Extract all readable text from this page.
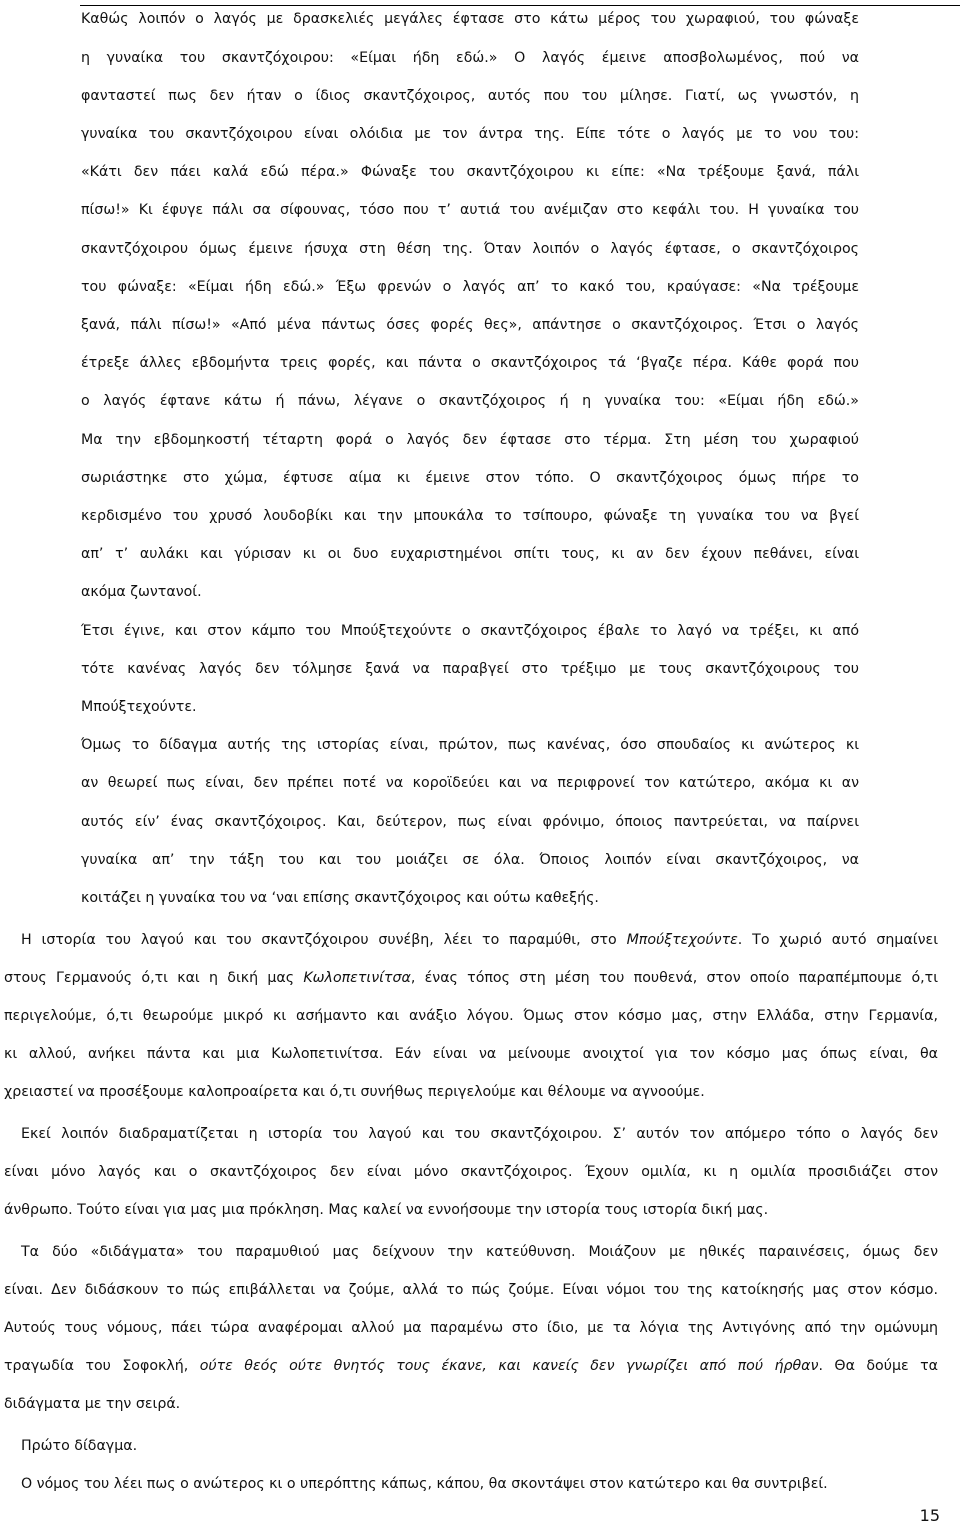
Καθώς λοιπόν ο λαγός με δρασκελιές μεγάλες έφτασε στο κάτω μέρος του χωραφιού, του φώναξε
η γυναίκα του σκαντζόχοιρου: «Είμαι ήδη εδώ.» Ο λαγός έμεινε αποσβολωμένος, πού να
φανταστεί πως δεν ήταν ο ίδιος σκαντζόχοιρος, αυτός που του μίλησε. Γιατί, ως γνωστόν, η
γυναίκα του σκαντζόχοιρου είναι ολόιδια με τον άντρα της. Είπε τότε ο λαγός με το νου του:
«Κάτι δεν πάει καλά εδώ πέρα.» Φώναξε του σκαντζόχοιρου κι είπε: «Να τρέξουμε ξανά, πάλι
πίσω!» Κι έφυγε πάλι σα σίφουνας, τόσο που τ’ αυτιά του ανέμιζαν στο κεφάλι του. Η γυναίκα του
σκαντζόχοιρου όμως έμεινε ήσυχα στη θέση της. Όταν λοιπόν ο λαγός έφτασε, ο σκαντζόχοιρος
του φώναξε: «Είμαι ήδη εδώ.» Έξω φρενών ο λαγός απ’ το κακό του, κραύγασε: «Να τρέξουμε
ξανά, πάλι πίσω!» «Από μένα πάντως όσες φορές θες», απάντησε ο σκαντζόχοιρος. Έτσι ο λαγός
έτρεξε άλλες εβδομήντα τρεις φορές, και πάντα ο σκαντζόχοιρος τά ‘βγαζε πέρα. Κάθε φορά που
ο λαγός έφτανε κάτω ή πάνω, λέγανε ο σκαντζόχοιρος ή η γυναίκα του: «Είμαι ήδη εδώ.»
Μα την εβδομηκοστή τέταρτη φορά ο λαγός δεν έφτασε στο τέρμα. Στη μέση του χωραφιού
σωριάστηκε στο χώμα, έφτυσε αίμα κι έμεινε στον τόπο. Ο σκαντζόχοιρος όμως πήρε το
κερδισμένο του χρυσό λουδοβίκι και την μπουκάλα το τσίπουρο, φώναξε τη γυναίκα του να βγεί
απ’ τ’ αυλάκι και γύρισαν κι οι δυο ευχαριστημένοι σπίτι τους, κι αν δεν έχουν πεθάνει, είναι
ακόμα ζωντανοί.
Έτσι έγινε, και στον κάμπο του Μπούξτεχούντε ο σκαντζόχοιρος έβαλε το λαγό να τρέξει, κι από
τότε κανένας λαγός δεν τόλμησε ξανά να παραβγεί στο τρέξιμο με τους σκαντζόχοιρους του
Μπούξτεχούντε.
Όμως το δίδαγμα αυτής της ιστορίας είναι, πρώτον, πως κανένας, όσο σπουδαίος κι ανώτερος κι
αν θεωρεί πως είναι, δεν πρέπει ποτέ να κοροϊδεύει και να περιφρονεί τον κατώτερο, ακόμα κι αν
αυτός είν’ ένας σκαντζόχοιρος. Και, δεύτερον, πως είναι φρόνιμο, όποιος παντρεύεται, να παίρνει
γυναίκα απ’ την τάξη του και του μοιάζει σε όλα. Όποιος λοιπόν είναι σκαντζόχοιρος, να
κοιτάζει η γυναίκα του να ‘ναι επίσης σκαντζόχοιρος και ούτω καθεξής.
Η ιστορία του λαγού και του σκαντζόχοιρου συνέβη, λέει το παραμύθι, στο Μπούξτεχούντε. Το χωριό αυτό σημαίνει
στους Γερμανούς ό,τι και η δική μας Κωλοπετινίτσα, ένας τόπος στη μέση του πουθενά, στον οποίο παραπέμπουμε ό,τι
περιγελούμε, ό,τι θεωρούμε μικρό κι ασήμαντο και ανάξιο λόγου. Όμως στον κόσμο μας, στην Ελλάδα, στην Γερμανία,
κι αλλού, ανήκει πάντα και μια Κωλοπετινίτσα. Εάν είναι να μείνουμε ανοιχτοί για τον κόσμο μας όπως είναι, θα
χρειαστεί να προσέξουμε καλοπροαίρετα και ό,τι συνήθως περιγελούμε και θέλουμε να αγνοούμε.
Εκεί λοιπόν διαδραματίζεται η ιστορία του λαγού και του σκαντζόχοιρου. Σ’ αυτόν τον απόμερο τόπο ο λαγός δεν
είναι μόνο λαγός και ο σκαντζόχοιρος δεν είναι μόνο σκαντζόχοιρος. Έχουν ομιλία, κι η ομιλία προσιδιάζει στον
άνθρωπο. Τούτο είναι για μας μια πρόκληση. Μας καλεί να εννοήσουμε την ιστορία τους ιστορία δική μας.
Τα δύο «διδάγματα» του παραμυθιού μας δείχνουν την κατεύθυνση. Μοιάζουν με ηθικές παραινέσεις, όμως δεν
είναι. Δεν διδάσκουν το πώς επιβάλλεται να ζούμε, αλλά το πώς ζούμε. Είναι νόμοι του της κατοίκησής μας στον κόσμο.
Αυτούς τους νόμους, πάει τώρα αναφέρομαι αλλού μα παραμένω στο ίδιο, με τα λόγια της Αντιγόνης από την ομώνυμη
τραγωδία του Σοφοκλή, ούτε θεός ούτε θνητός τους έκανε, και κανείς δεν γνωρίζει από πού ήρθαν. Θα δούμε τα
διδάγματα με την σειρά.
Πρώτο δίδαγμα.
Ο νόμος του λέει πως ο ανώτερος κι ο υπερόπτης κάπως, κάπου, θα σκοντάψει στον κατώτερο και θα συντριβεί.
15
